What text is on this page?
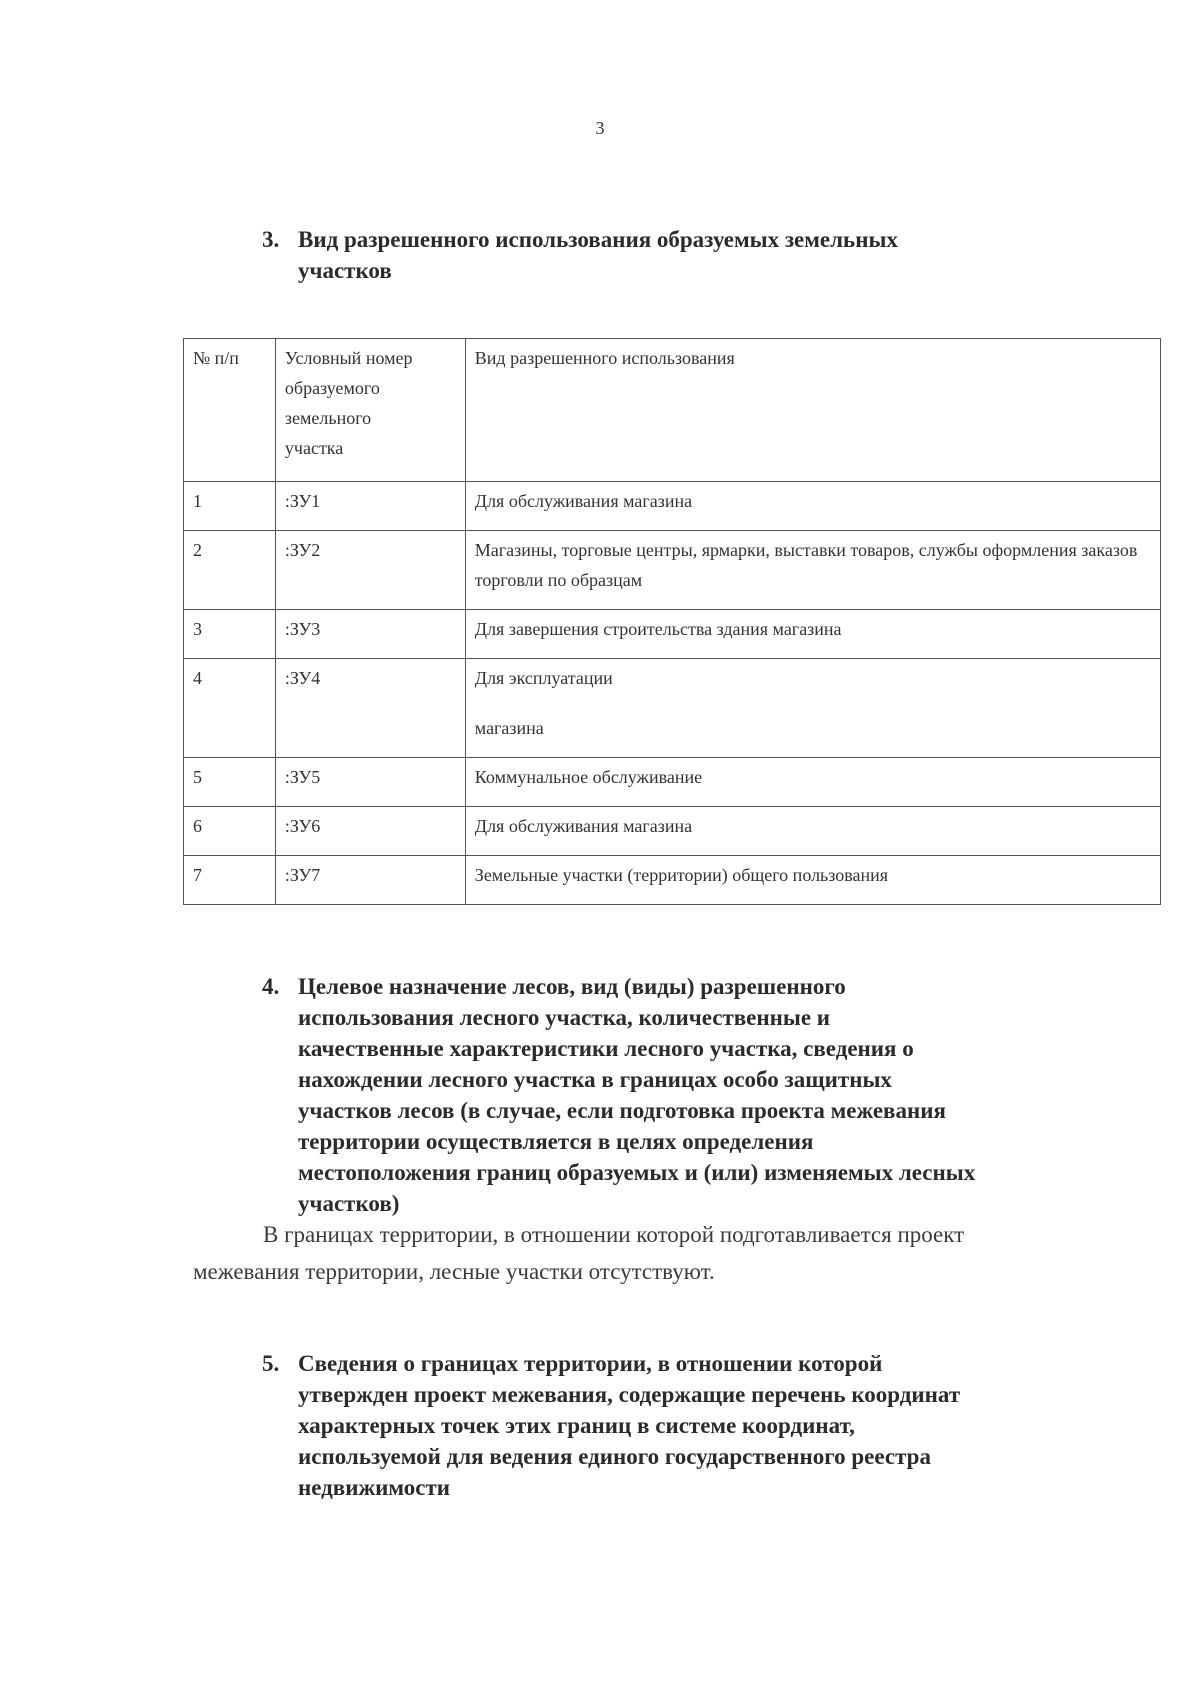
3
3. Вид разрешенного использования образуемых земельных
участков
№ п/п	Условный номер
образуемого
земельного
участка	Вид разрешенного использования
1	:ЗУ1	Для обслуживания магазина
2	:ЗУ2	Магазины, торговые центры, ярмарки, выставки товаров, службы оформления заказов торговли по образцам
3	:ЗУ3	Для завершения строительства здания магазина
4	:ЗУ4	Для эксплуатации
магазина
5	:ЗУ5	Коммунальное обслуживание
6	:ЗУ6	Для обслуживания магазина
7	:ЗУ7	Земельные участки (территории) общего пользования
4. Целевое назначение лесов, вид (виды) разрешенного
использования лесного участка, количественные и
качественные характеристики лесного участка, сведения о
нахождении лесного участка в границах особо защитных
участков лесов (в случае, если подготовка проекта межевания
территории осуществляется в целях определения
местоположения границ образуемых и (или) изменяемых лесных
участков)
В границах территории, в отношении которой подготавливается проект
межевания территории, лесные участки отсутствуют.
5. Сведения о границах территории, в отношении которой
утвержден проект межевания, содержащие перечень координат
характерных точек этих границ в системе координат,
используемой для ведения единого государственного реестра
недвижимости
